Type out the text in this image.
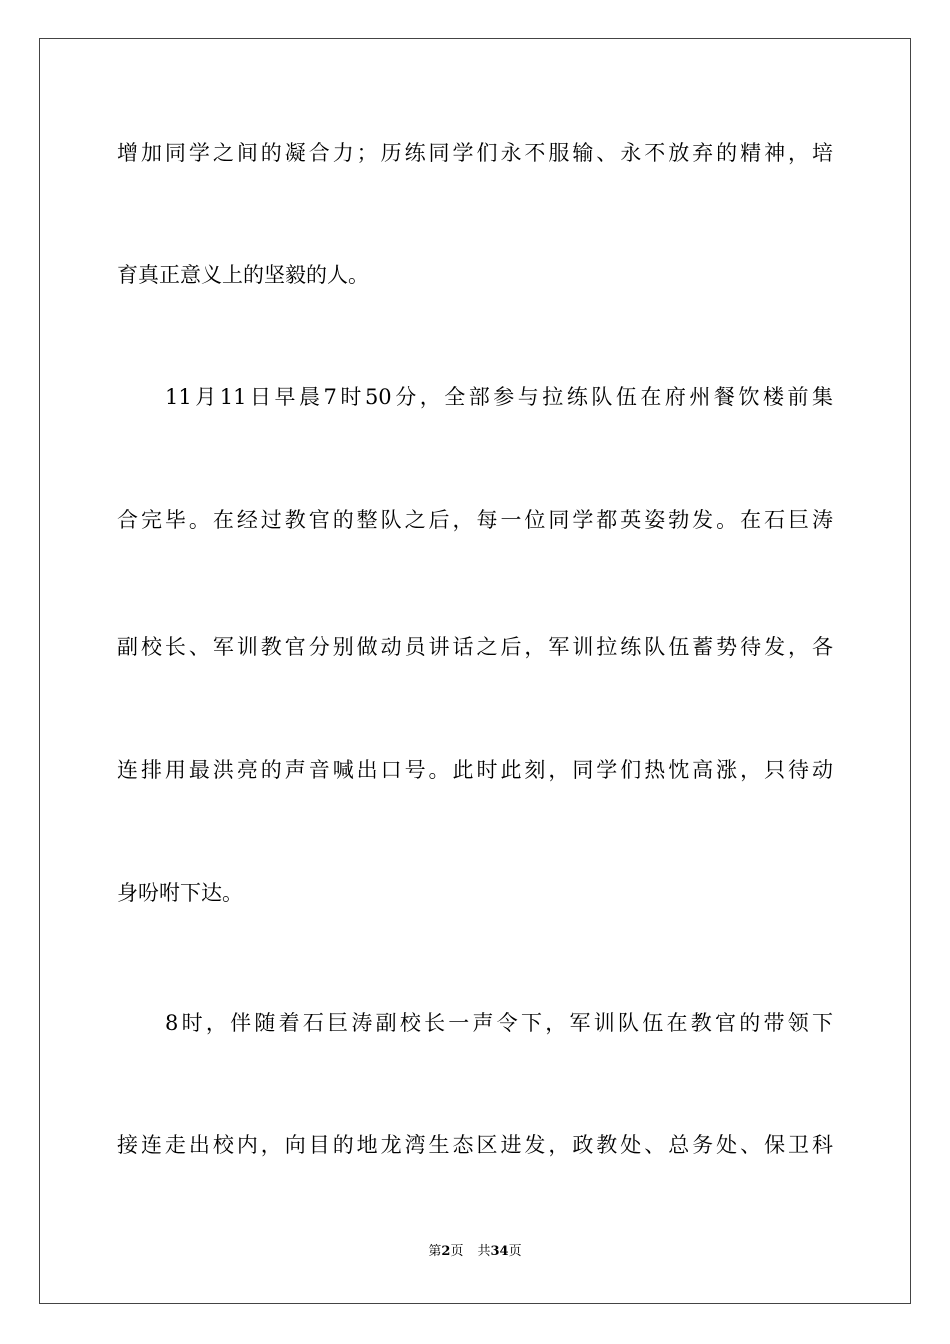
增加同学之间的凝合力；历练同学们永不服输、永不放弃的精神，培
育真正意义上的坚毅的人。
11月11日早晨7时50分，全部参与拉练队伍在府州餐饮楼前集
合完毕。在经过教官的整队之后，每一位同学都英姿勃发。在石巨涛
副校长、军训教官分别做动员讲话之后，军训拉练队伍蓄势待发，各
连排用最洪亮的声音喊出口号。此时此刻，同学们热忱高涨，只待动
身吩咐下达。
8时，伴随着石巨涛副校长一声令下，军训队伍在教官的带领下
接连走出校内，向目的地龙湾生态区进发，政教处、总务处、保卫科
第2页 共34页
